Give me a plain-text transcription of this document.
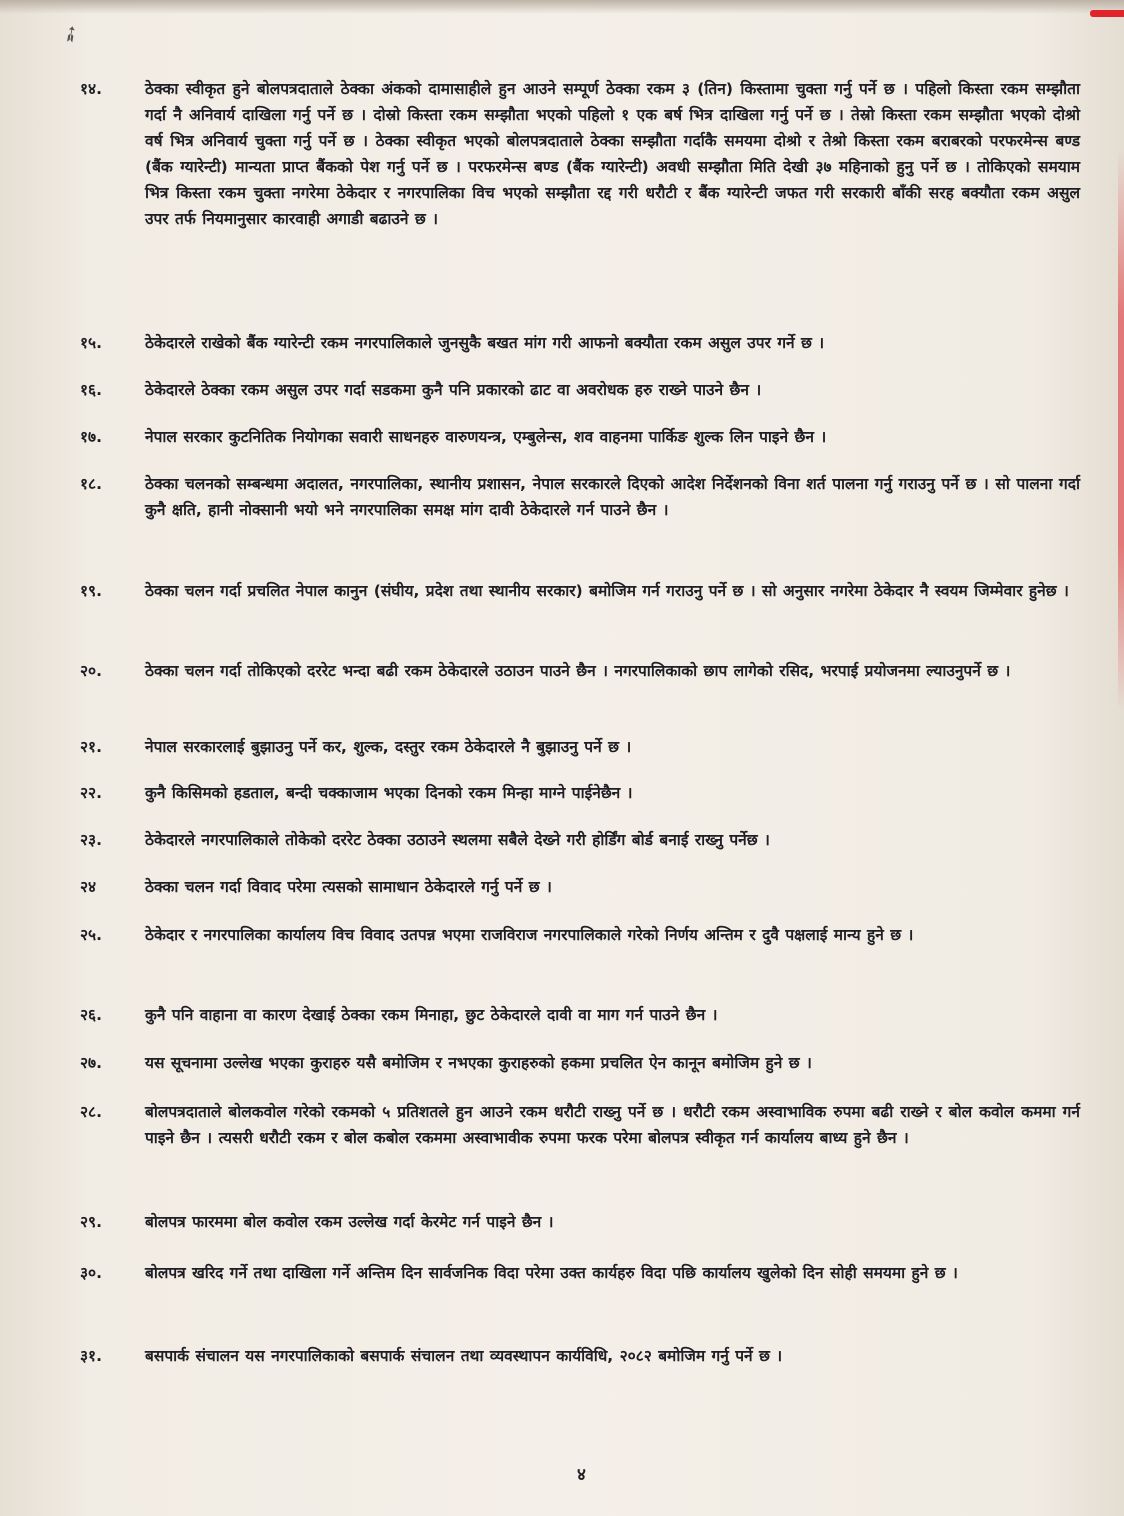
➶
१४.	ठेक्का स्वीकृत हुने बोलपत्रदाताले ठेक्का अंकको दामासाहीले हुन आउने सम्पूर्ण ठेक्का रकम ३ (तिन) किस्तामा चुक्ता गर्नु पर्ने छ । पहिलो किस्ता रकम सम्झौता गर्दा नै अनिवार्य दाखिला गर्नु पर्ने छ । दोस्रो किस्ता रकम सम्झौता भएको पहिलो १ एक बर्ष भित्र दाखिला गर्नु पर्ने छ । तेस्रो किस्ता रकम सम्झौता भएको दोश्रो वर्ष भित्र अनिवार्य चुक्ता गर्नु पर्ने छ । ठेक्का स्वीकृत भएको बोलपत्रदाताले ठेक्का सम्झौता गर्दाकै समयमा दोश्रो र तेश्रो किस्ता रकम बराबरको परफरमेन्स बण्ड (बैंक ग्यारेन्टी) मान्यता प्राप्त बैंकको पेश गर्नु पर्ने छ । परफरमेन्स बण्ड (बैंक ग्यारेन्टी) अवधी सम्झौता मिति देखी ३७ महिनाको हुनु पर्ने छ । तोकिएको समयाम भित्र किस्ता रकम चुक्ता नगरेमा ठेकेदार र नगरपालिका विच भएको सम्झौता रद्द गरी धरौटी र बैंक ग्यारेन्टी जफत गरी सरकारी बाँकी सरह बक्यौता रकम असुल उपर तर्फ नियमानुसार कारवाही अगाडी बढाउने छ ।
१५.	ठेकेदारले राखेको बैंक ग्यारेन्टी रकम नगरपालिकाले जुनसुकै बखत मांग गरी आफनो बक्यौता रकम असुल उपर गर्ने छ ।
१६.	ठेकेदारले ठेक्का रकम असुल उपर गर्दा सडकमा कुनै पनि प्रकारको ढाट वा अवरोधक हरु राख्ने पाउने छैन ।
१७.	नेपाल सरकार कुटनितिक नियोगका सवारी साधनहरु वारुणयन्त्र, एम्बुलेन्स, शव वाहनमा पार्किङ शुल्क लिन पाइने छैन ।
१८.	ठेक्का चलनको सम्बन्धमा अदालत, नगरपालिका, स्थानीय प्रशासन, नेपाल सरकारले दिएको आदेश निर्देशनको विना शर्त पालना गर्नु गराउनु पर्ने छ । सो पालना गर्दा कुनै क्षति, हानी नोक्सानी भयो भने नगरपालिका समक्ष मांग दावी ठेकेदारले गर्न पाउने छैन ।
१९.	ठेक्का चलन गर्दा प्रचलित नेपाल कानुन (संघीय, प्रदेश तथा स्थानीय सरकार) बमोजिम गर्न गराउनु पर्ने छ । सो अनुसार नगरेमा ठेकेदार नै स्वयम जिम्मेवार हुनेछ ।
२०.	ठेक्का चलन गर्दा तोकिएको दररेट भन्दा बढी रकम ठेकेदारले उठाउन पाउने छैन । नगरपालिकाको छाप लागेको रसिद, भरपाई प्रयोजनमा ल्याउनुपर्ने छ ।
२१.	नेपाल सरकारलाई बुझाउनु पर्ने कर, शुल्क, दस्तुर रकम ठेकेदारले नै बुझाउनु पर्ने छ ।
२२.	कुनै किसिमको हडताल, बन्दी चक्काजाम भएका दिनको रकम मिन्हा माग्ने पाईनेछैन ।
२३.	ठेकेदारले नगरपालिकाले तोकेको दररेट ठेक्का उठाउने स्थलमा सबैले देख्ने गरी होर्डिंग बोर्ड बनाई राख्नु पर्नेछ ।
२४	ठेक्का चलन गर्दा विवाद परेमा त्यसको सामाधान ठेकेदारले गर्नु पर्ने छ ।
२५.	ठेकेदार र नगरपालिका कार्यालय विच विवाद उतपन्न भएमा राजविराज नगरपालिकाले गरेको निर्णय अन्तिम र दुवै पक्षलाई मान्य हुने छ ।
२६.	कुनै पनि वाहाना वा कारण देखाई ठेक्का रकम मिनाहा, छुट ठेकेदारले दावी वा माग गर्न पाउने छैन ।
२७.	यस सूचनामा उल्लेख भएका कुराहरु यसै बमोजिम र नभएका कुराहरुको हकमा प्रचलित ऐन कानून बमोजिम हुने छ ।
२८.	बोलपत्रदाताले बोलकवोल गरेको रकमको ५ प्रतिशतले हुन आउने रकम धरौटी राख्नु पर्ने छ । धरौटी रकम अस्वाभाविक रुपमा बढी राख्ने र बोल कवोल कममा गर्न पाइने छैन । त्यसरी धरौटी रकम र बोल कबोल रकममा अस्वाभावीक रुपमा फरक परेमा बोलपत्र स्वीकृत गर्न कार्यालय बाध्य हुने छैन ।
२९.	बोलपत्र फारममा बोल कवोल रकम उल्लेख गर्दा केरमेट गर्न पाइने छैन ।
३०.	बोलपत्र खरिद गर्ने तथा दाखिला गर्ने अन्तिम दिन सार्वजनिक विदा परेमा उक्त कार्यहरु विदा पछि कार्यालय खुलेको दिन सोही समयमा हुने छ ।
३१.	बसपार्क संचालन यस नगरपालिकाको बसपार्क संचालन तथा व्यवस्थापन कार्यविधि, २०८२ बमोजिम गर्नु पर्ने छ ।
४
